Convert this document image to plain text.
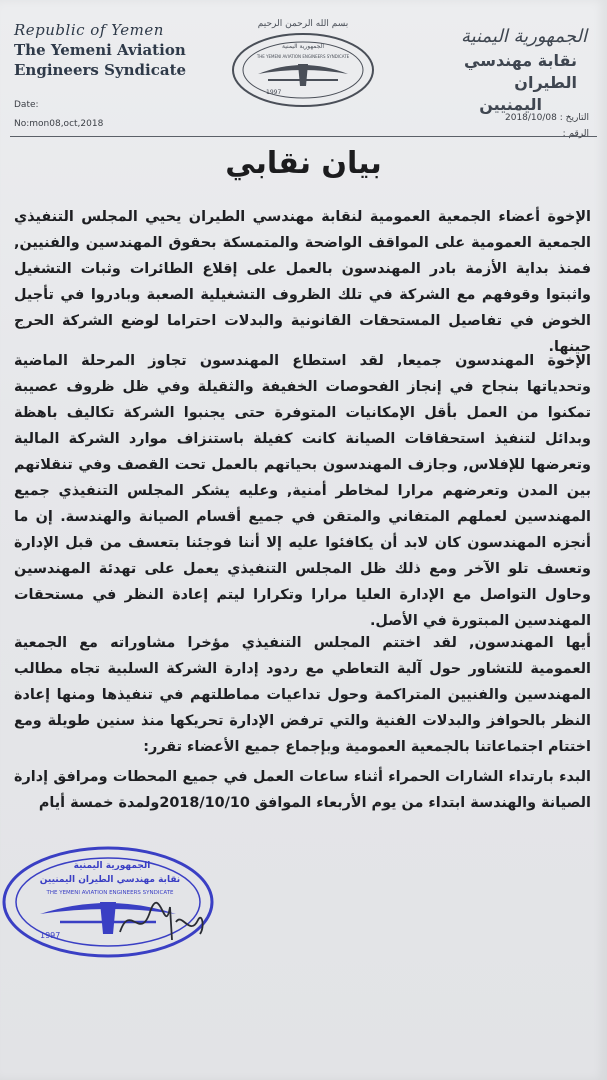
Republic of Yemen
The Yemeni Aviation
Engineers Syndicate
Date:
No:mon08,oct,2018
بسم الله الرحمن الرحيم
الجمهورية اليمنية
THE YEMENI AVIATION ENGINEERS SYNDICATE
1997
الجمهورية اليمنية
نقابة مهندسي الطيران
اليمنيين
التاريخ : 2018/10/08
الرقم :
بيان نقابي
الإخوة أعضاء الجمعية العمومية لنقابة مهندسي الطيران يحيي المجلس التنفيذي الجمعية العمومية على المواقف الواضحة والمتمسكة بحقوق المهندسين والفنيين, فمنذ بداية الأزمة بادر المهندسون بالعمل على إقلاع الطائرات وثبات التشغيل واثبتوا وقوفهم مع الشركة في تلك الظروف التشغيلية الصعبة وبادروا في تأجيل الخوض في تفاصيل المستحقات القانونية والبدلات احتراما لوضع الشركة الحرج حينها.
الإخوة المهندسون جميعا, لقد استطاع المهندسون تجاوز المرحلة الماضية وتحدياتها بنجاح في إنجاز الفحوصات الخفيفة والثقيلة وفي ظل ظروف عصيبة تمكنوا من العمل بأقل الإمكانيات المتوفرة حتى يجنبوا الشركة تكاليف باهظة وبدائل لتنفيذ استحقاقات الصيانة كانت كفيلة باستنزاف موارد الشركة المالية وتعرضها للإفلاس, وجازف المهندسون بحياتهم بالعمل تحت القصف وفي تنقلاتهم بين المدن وتعرضهم مرارا لمخاطر أمنية, وعليه يشكر المجلس التنفيذي جميع المهندسين لعملهم المتفاني والمتقن في جميع أقسام الصيانة والهندسة. إن ما أنجزه المهندسون كان لابد أن يكافئوا عليه إلا أننا فوجئنا بتعسف من قبل الإدارة وتعسف تلو الآخر ومع ذلك ظل المجلس التنفيذي يعمل على تهدئة المهندسين وحاول التواصل مع الإدارة العليا مرارا وتكرارا ليتم إعادة النظر في مستحقات المهندسين المبتورة في الأصل.
أيها المهندسون, لقد اختتم المجلس التنفيذي مؤخرا مشاوراته مع الجمعية العمومية للتشاور حول آلية التعاطي مع ردود إدارة الشركة السلبية تجاه مطالب المهندسين والفنيين المتراكمة وحول تداعيات مماطلتهم في تنفيذها ومنها إعادة النظر بالحوافز والبدلات الفنية والتي ترفض الإدارة تحريكها منذ سنين طويلة ومع اختتام اجتماعاتنا بالجمعية العمومية وبإجماع جميع الأعضاء تقرر:
البدء بارتداء الشارات الحمراء أثناء ساعات العمل في جميع المحطات ومرافق إدارة الصيانة والهندسة ابتداء من يوم الأربعاء الموافق 2018/10/10ولمدة خمسة أيام
الجمهورية اليمنية
نقابة مهندسي الطيران اليمنيين
THE YEMENI AVIATION ENGINEERS SYNDICATE
1997
